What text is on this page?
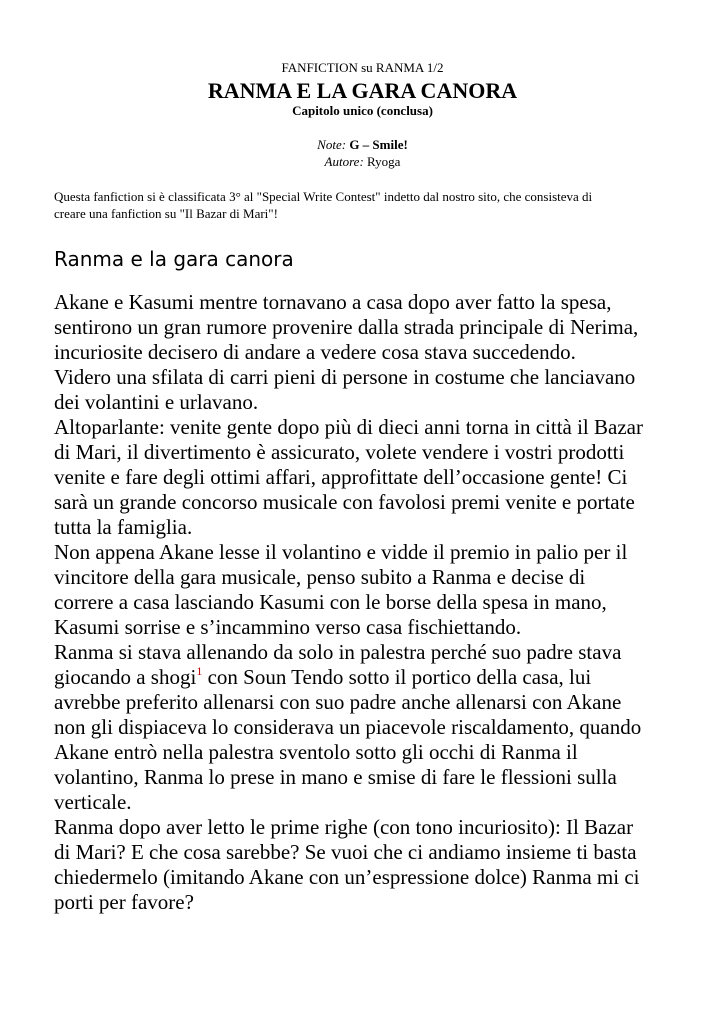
FANFICTION su RANMA 1/2
RANMA E LA GARA CANORA
Capitolo unico (conclusa)
Note: G – Smile!
Autore: Ryoga
Questa fanfiction si è classificata 3° al "Special Write Contest" indetto dal nostro sito, che consisteva di
creare una fanfiction su "Il Bazar di Mari"!
Ranma e la gara canora
Akane e Kasumi mentre tornavano a casa dopo aver fatto la spesa,
sentirono un gran rumore provenire dalla strada principale di Nerima,
incuriosite decisero di andare a vedere cosa stava succedendo.
Videro una sfilata di carri pieni di persone in costume che lanciavano
dei volantini e urlavano.
Altoparlante: venite gente dopo più di dieci anni torna in città il Bazar
di Mari, il divertimento è assicurato, volete vendere i vostri prodotti
venite e fare degli ottimi affari, approfittate dell’occasione gente! Ci
sarà un grande concorso musicale con favolosi premi venite e portate
tutta la famiglia.
Non appena Akane lesse il volantino e vidde il premio in palio per il
vincitore della gara musicale, penso subito a Ranma e decise di
correre a casa lasciando Kasumi con le borse della spesa in mano,
Kasumi sorrise e s’incammino verso casa fischiettando.
Ranma si stava allenando da solo in palestra perché suo padre stava
giocando a shogi$^1$ con Soun Tendo sotto il portico della casa, lui
avrebbe preferito allenarsi con suo padre anche allenarsi con Akane
non gli dispiaceva lo considerava un piacevole riscaldamento, quando
Akane entrò nella palestra sventolo sotto gli occhi di Ranma il
volantino, Ranma lo prese in mano e smise di fare le flessioni sulla
verticale.
Ranma dopo aver letto le prime righe (con tono incuriosito): Il Bazar
di Mari? E che cosa sarebbe? Se vuoi che ci andiamo insieme ti basta
chiedermelo (imitando Akane con un’espressione dolce) Ranma mi ci
porti per favore?
